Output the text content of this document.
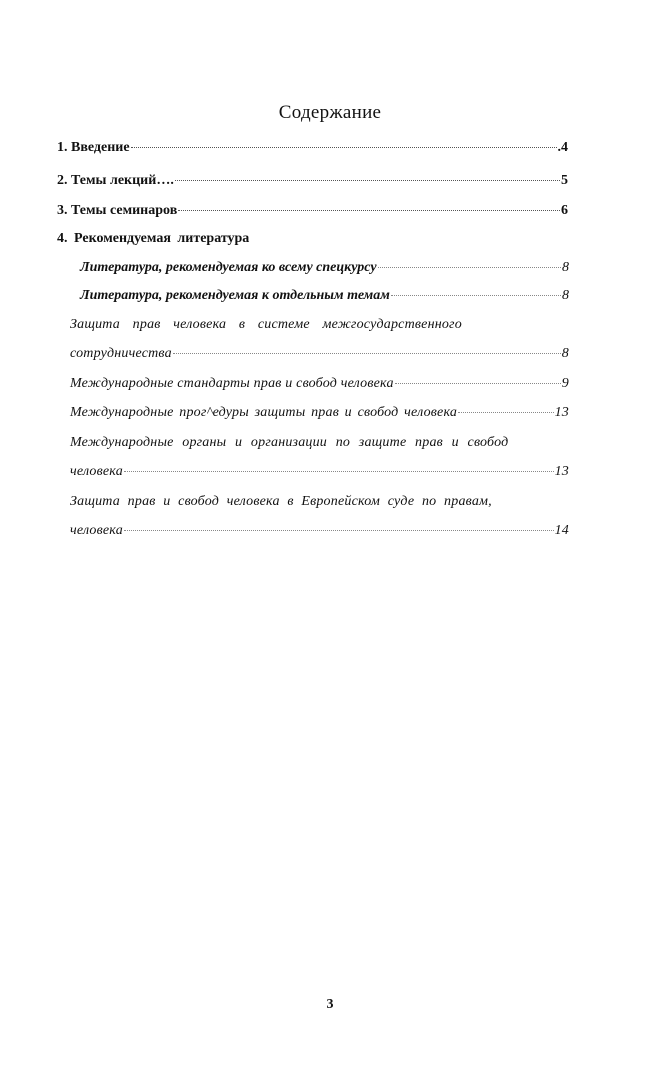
Содержание
1. Введение	.4
2. Темы лекций….	5
3. Темы семинаров	6
4. Рекомендуемая литература
Литература, рекомендуемая ко всему спецкурсу	8
Литература, рекомендуемая к отдельным темам	8
Защита прав человека в системе межгосударственного
сотрудничества	8
Международные стандарты прав и свобод человека	9
Международные прог^едуры защиты прав и свобод человека	13
Международные органы и организации по защите прав и свобод
человека	13
Защита прав и свобод человека в Европейском суде по правам,
человека	14
3
